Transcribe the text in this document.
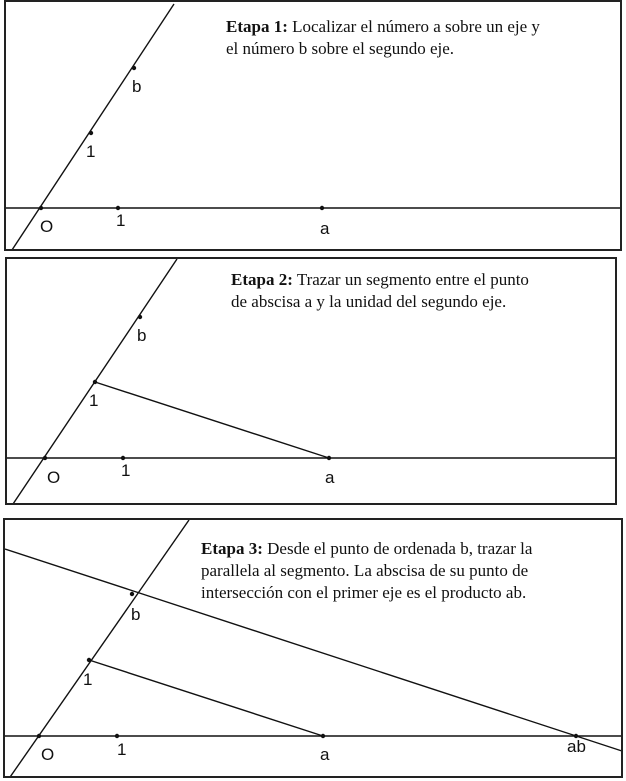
O	1	a
1
b
Etapa 1: Localizar el número a sobre un eje y
el número b sobre el segundo eje.
O	1	a
1
b
Etapa 2: Trazar un segmento entre el punto
de abscisa a y la unidad del segundo eje.
O	1	a
1
b
ab
Etapa 3: Desde el punto de ordenada b, trazar la
parallela al segmento. La abscisa de su punto de
intersección con el primer eje es el producto ab.
